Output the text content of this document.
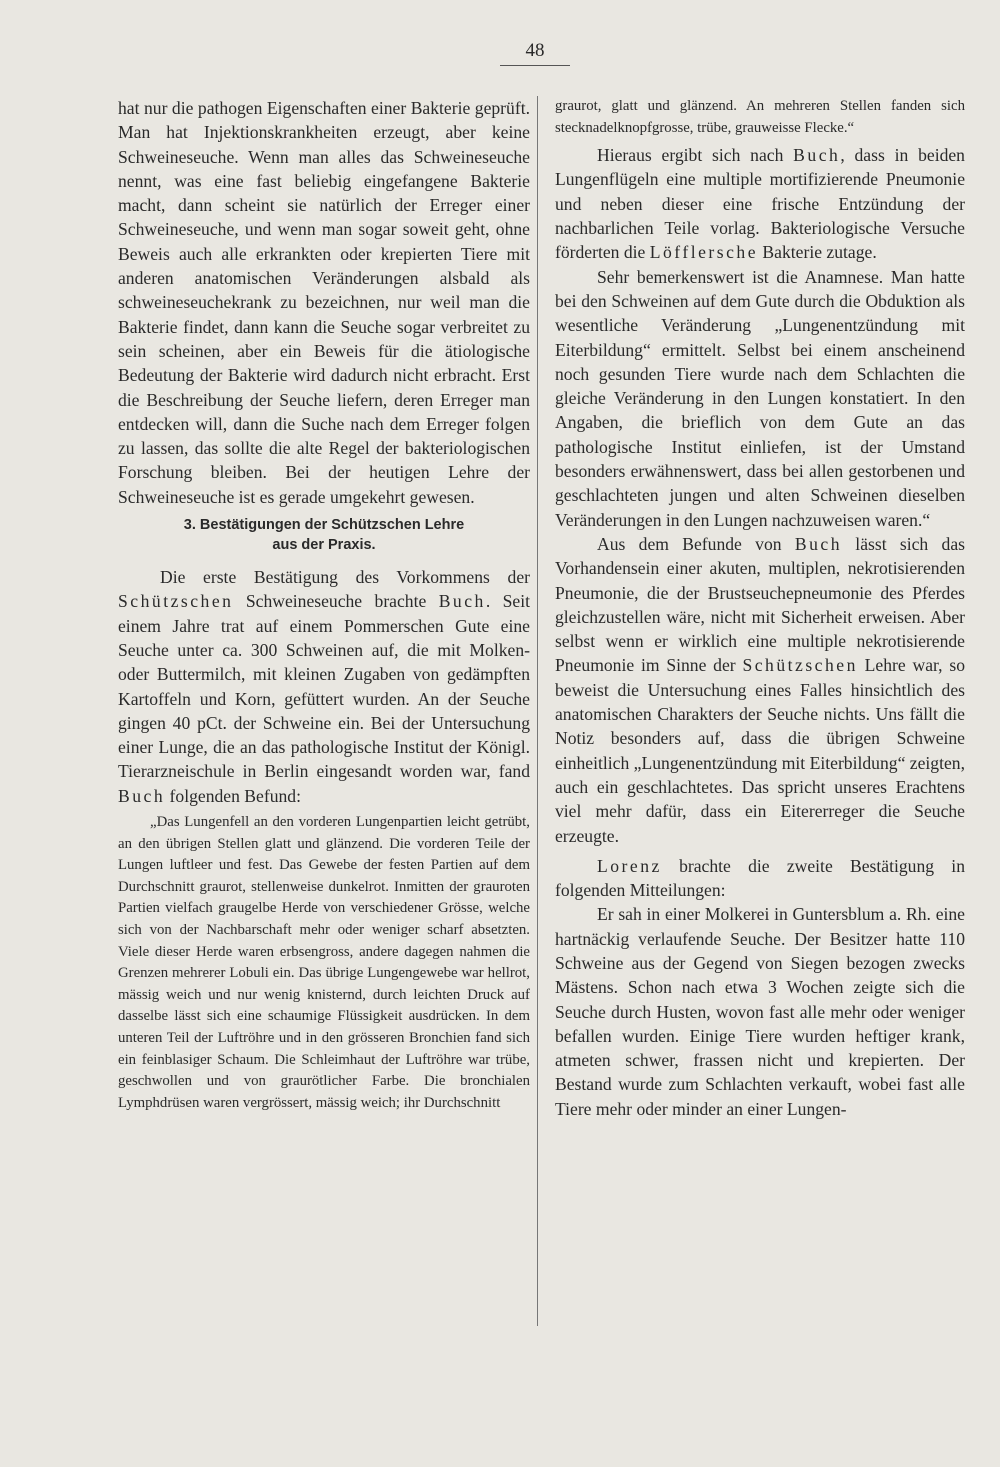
48

hat nur die pathogen Eigenschaften einer Bakterie geprüft. Man hat Injektionskrankheiten erzeugt, aber keine Schweineseuche. Wenn man alles das Schweineseuche nennt, was eine fast beliebig eingefangene Bakterie macht, dann scheint sie natürlich der Erreger einer Schweineseuche, und wenn man sogar soweit geht, ohne Beweis auch alle erkrankten oder krepierten Tiere mit anderen anatomischen Veränderungen alsbald als schweineseuchekrank zu bezeichnen, nur weil man die Bakterie findet, dann kann die Seuche sogar verbreitet zu sein scheinen, aber ein Beweis für die ätiologische Bedeutung der Bakterie wird dadurch nicht erbracht. Erst die Beschreibung der Seuche liefern, deren Erreger man entdecken will, dann die Suche nach dem Erreger folgen zu lassen, das sollte die alte Regel der bakteriologischen Forschung bleiben. Bei der heutigen Lehre der Schweineseuche ist es gerade umgekehrt gewesen.

3. Bestätigungen der Schützschen Lehre
aus der Praxis.

Die erste Bestätigung des Vorkommens der Schützschen Schweineseuche brachte Buch. Seit einem Jahre trat auf einem Pommerschen Gute eine Seuche unter ca. 300 Schweinen auf, die mit Molken- oder Buttermilch, mit kleinen Zugaben von gedämpften Kartoffeln und Korn, gefüttert wurden. An der Seuche gingen 40 pCt. der Schweine ein. Bei der Untersuchung einer Lunge, die an das pathologische Institut der Königl. Tierarzneischule in Berlin eingesandt worden war, fand Buch folgenden Befund:

„Das Lungenfell an den vorderen Lungenpartien leicht getrübt, an den übrigen Stellen glatt und glänzend. Die vorderen Teile der Lungen luftleer und fest. Das Gewebe der festen Partien auf dem Durchschnitt graurot, stellenweise dunkelrot. Inmitten der grauroten Partien vielfach graugelbe Herde von verschiedener Grösse, welche sich von der Nachbarschaft mehr oder weniger scharf absetzten. Viele dieser Herde waren erbsengross, andere dagegen nahmen die Grenzen mehrerer Lobuli ein. Das übrige Lungengewebe war hellrot, mässig weich und nur wenig knisternd, durch leichten Druck auf dasselbe lässt sich eine schaumige Flüssigkeit ausdrücken. In dem unteren Teil der Luftröhre und in den grösseren Bronchien fand sich ein feinblasiger Schaum. Die Schleimhaut der Luftröhre war trübe, geschwollen und von graurötlicher Farbe. Die bronchialen Lymphdrüsen waren vergrössert, mässig weich; ihr Durchschnitt

graurot, glatt und glänzend. An mehreren Stellen fanden sich stecknadelknopfgrosse, trübe, grauweisse Flecke.“

Hieraus ergibt sich nach Buch, dass in beiden Lungenflügeln eine multiple mortifizierende Pneumonie und neben dieser eine frische Entzündung der nachbarlichen Teile vorlag. Bakteriologische Versuche förderten die Löfflersche Bakterie zutage.

Sehr bemerkenswert ist die Anamnese. Man hatte bei den Schweinen auf dem Gute durch die Obduktion als wesentliche Veränderung „Lungenentzündung mit Eiterbildung“ ermittelt. Selbst bei einem anscheinend noch gesunden Tiere wurde nach dem Schlachten die gleiche Veränderung in den Lungen konstatiert. In den Angaben, die brieflich von dem Gute an das pathologische Institut einliefen, ist der Umstand besonders erwähnenswert, dass bei allen gestorbenen und geschlachteten jungen und alten Schweinen dieselben Veränderungen in den Lungen nachzuweisen waren.“

Aus dem Befunde von Buch lässt sich das Vorhandensein einer akuten, multiplen, nekrotisierenden Pneumonie, die der Brustseuchepneumonie des Pferdes gleichzustellen wäre, nicht mit Sicherheit erweisen. Aber selbst wenn er wirklich eine multiple nekrotisierende Pneumonie im Sinne der Schützschen Lehre war, so beweist die Untersuchung eines Falles hinsichtlich des anatomischen Charakters der Seuche nichts. Uns fällt die Notiz besonders auf, dass die übrigen Schweine einheitlich „Lungenentzündung mit Eiterbildung“ zeigten, auch ein geschlachtetes. Das spricht unseres Erachtens viel mehr dafür, dass ein Eitererreger die Seuche erzeugte.

Lorenz brachte die zweite Bestätigung in folgenden Mitteilungen:

Er sah in einer Molkerei in Guntersblum a. Rh. eine hartnäckig verlaufende Seuche. Der Besitzer hatte 110 Schweine aus der Gegend von Siegen bezogen zwecks Mästens. Schon nach etwa 3 Wochen zeigte sich die Seuche durch Husten, wovon fast alle mehr oder weniger befallen wurden. Einige Tiere wurden heftiger krank, atmeten schwer, frassen nicht und krepierten. Der Bestand wurde zum Schlachten verkauft, wobei fast alle Tiere mehr oder minder an einer Lungen-
